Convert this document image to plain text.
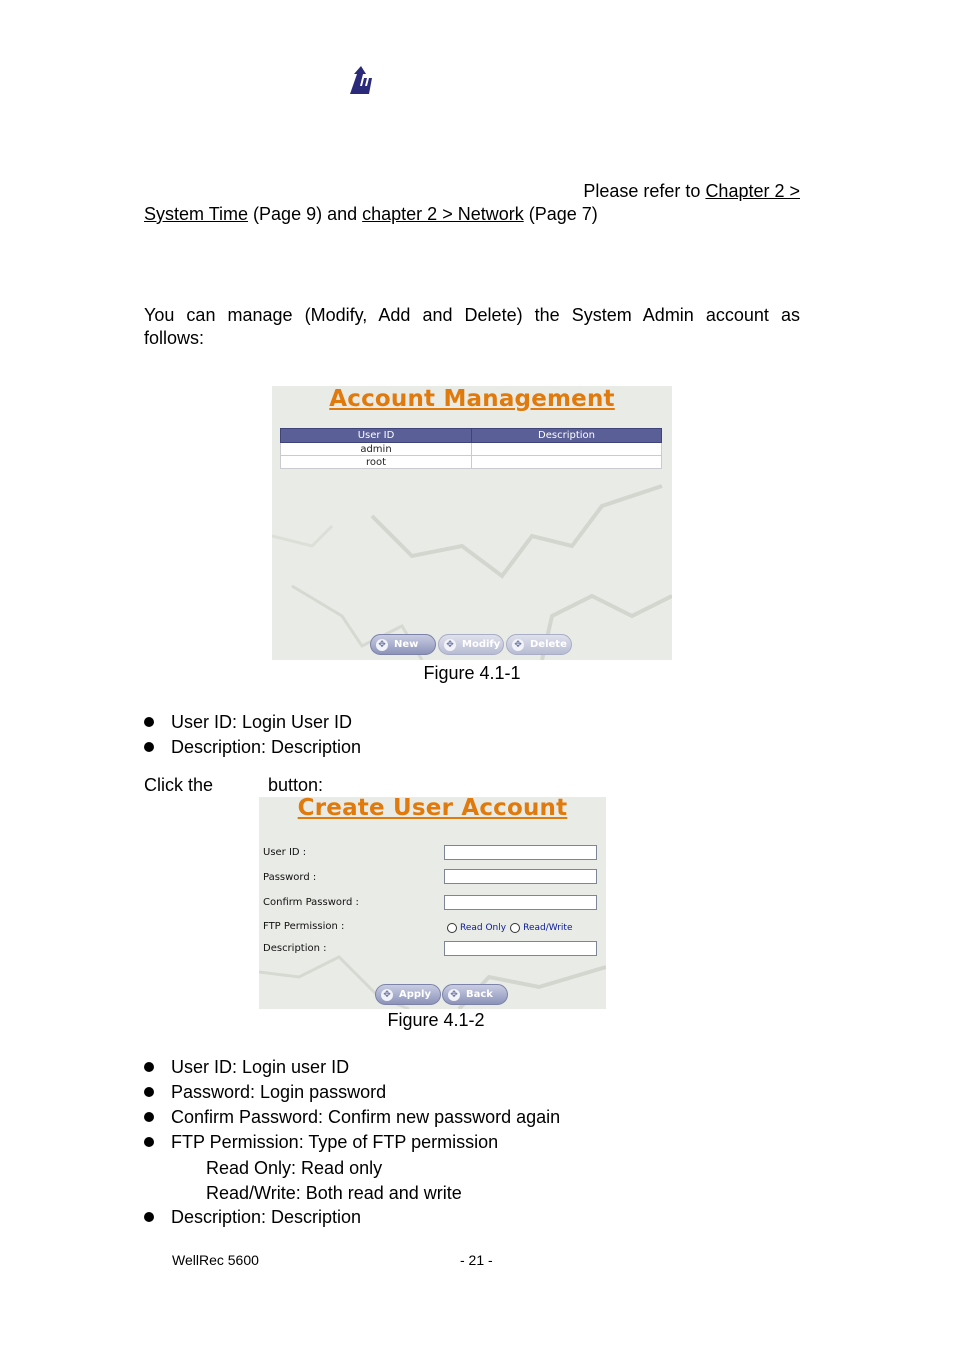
Please refer to Chapter 2 >
System Time (Page 9) and chapter 2 > Network (Page 7)
You can manage (Modify, Add and Delete) the System Admin account as
follows:
Account Management
User ID	Description
admin	
root	
✥ New	✥ Modify ✥ Delete
Figure 4.1-1
User ID: Login User ID
Description: Description
Click the	button:
Create User Account
User ID :
Password :
Confirm Password :
FTP Permission :	Read Only Read/Write
Description :
✥ Apply ✥ Back
Figure 4.1-2
User ID: Login user ID
Password: Login password
Confirm Password: Confirm new password again
FTP Permission: Type of FTP permission
Read Only: Read only
Read/Write: Both read and write
Description: Description
WellRec 5600	- 21 -
